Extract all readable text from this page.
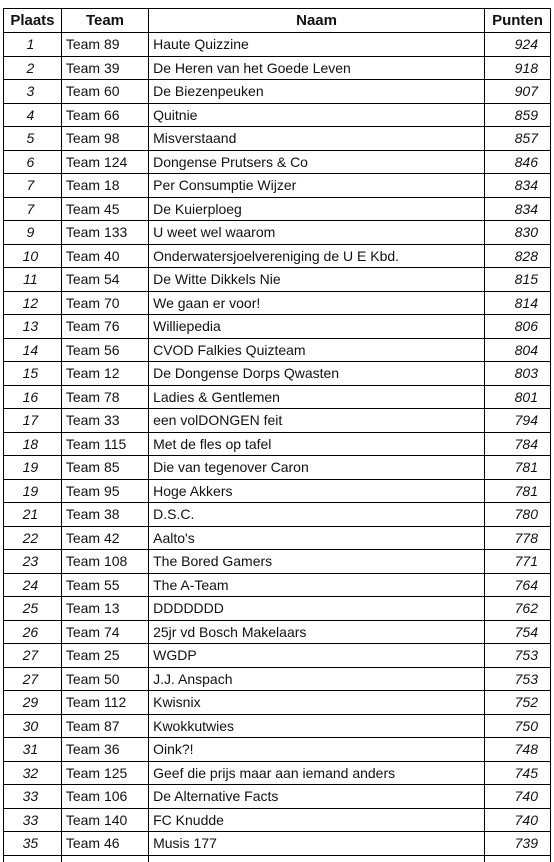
Plaats	Team	Naam	Punten
1	Team 89	Haute Quizzine	924
2	Team 39	De Heren van het Goede Leven	918
3	Team 60	De Biezenpeuken	907
4	Team 66	Quitnie	859
5	Team 98	Misverstaand	857
6	Team 124	Dongense Prutsers & Co	846
7	Team 18	Per Consumptie Wijzer	834
7	Team 45	De Kuierploeg	834
9	Team 133	U weet wel waarom	830
10	Team 40	Onderwatersjoelvereniging de U E Kbd.	828
11	Team 54	De Witte Dikkels Nie	815
12	Team 70	We gaan er voor!	814
13	Team 76	Williepedia	806
14	Team 56	CVOD Falkies Quizteam	804
15	Team 12	De Dongense Dorps Qwasten	803
16	Team 78	Ladies & Gentlemen	801
17	Team 33	een volDONGEN feit	794
18	Team 115	Met de fles op tafel	784
19	Team 85	Die van tegenover Caron	781
19	Team 95	Hoge Akkers	781
21	Team 38	D.S.C.	780
22	Team 42	Aalto's	778
23	Team 108	The Bored Gamers	771
24	Team 55	The A-Team	764
25	Team 13	DDDDDDD	762
26	Team 74	25jr vd Bosch Makelaars	754
27	Team 25	WGDP	753
27	Team 50	J.J. Anspach	753
29	Team 112	Kwisnix	752
30	Team 87	Kwokkutwies	750
31	Team 36	Oink?!	748
32	Team 125	Geef die prijs maar aan iemand anders	745
33	Team 106	De Alternative Facts	740
33	Team 140	FC Knudde	740
35	Team 46	Musis 177	739
